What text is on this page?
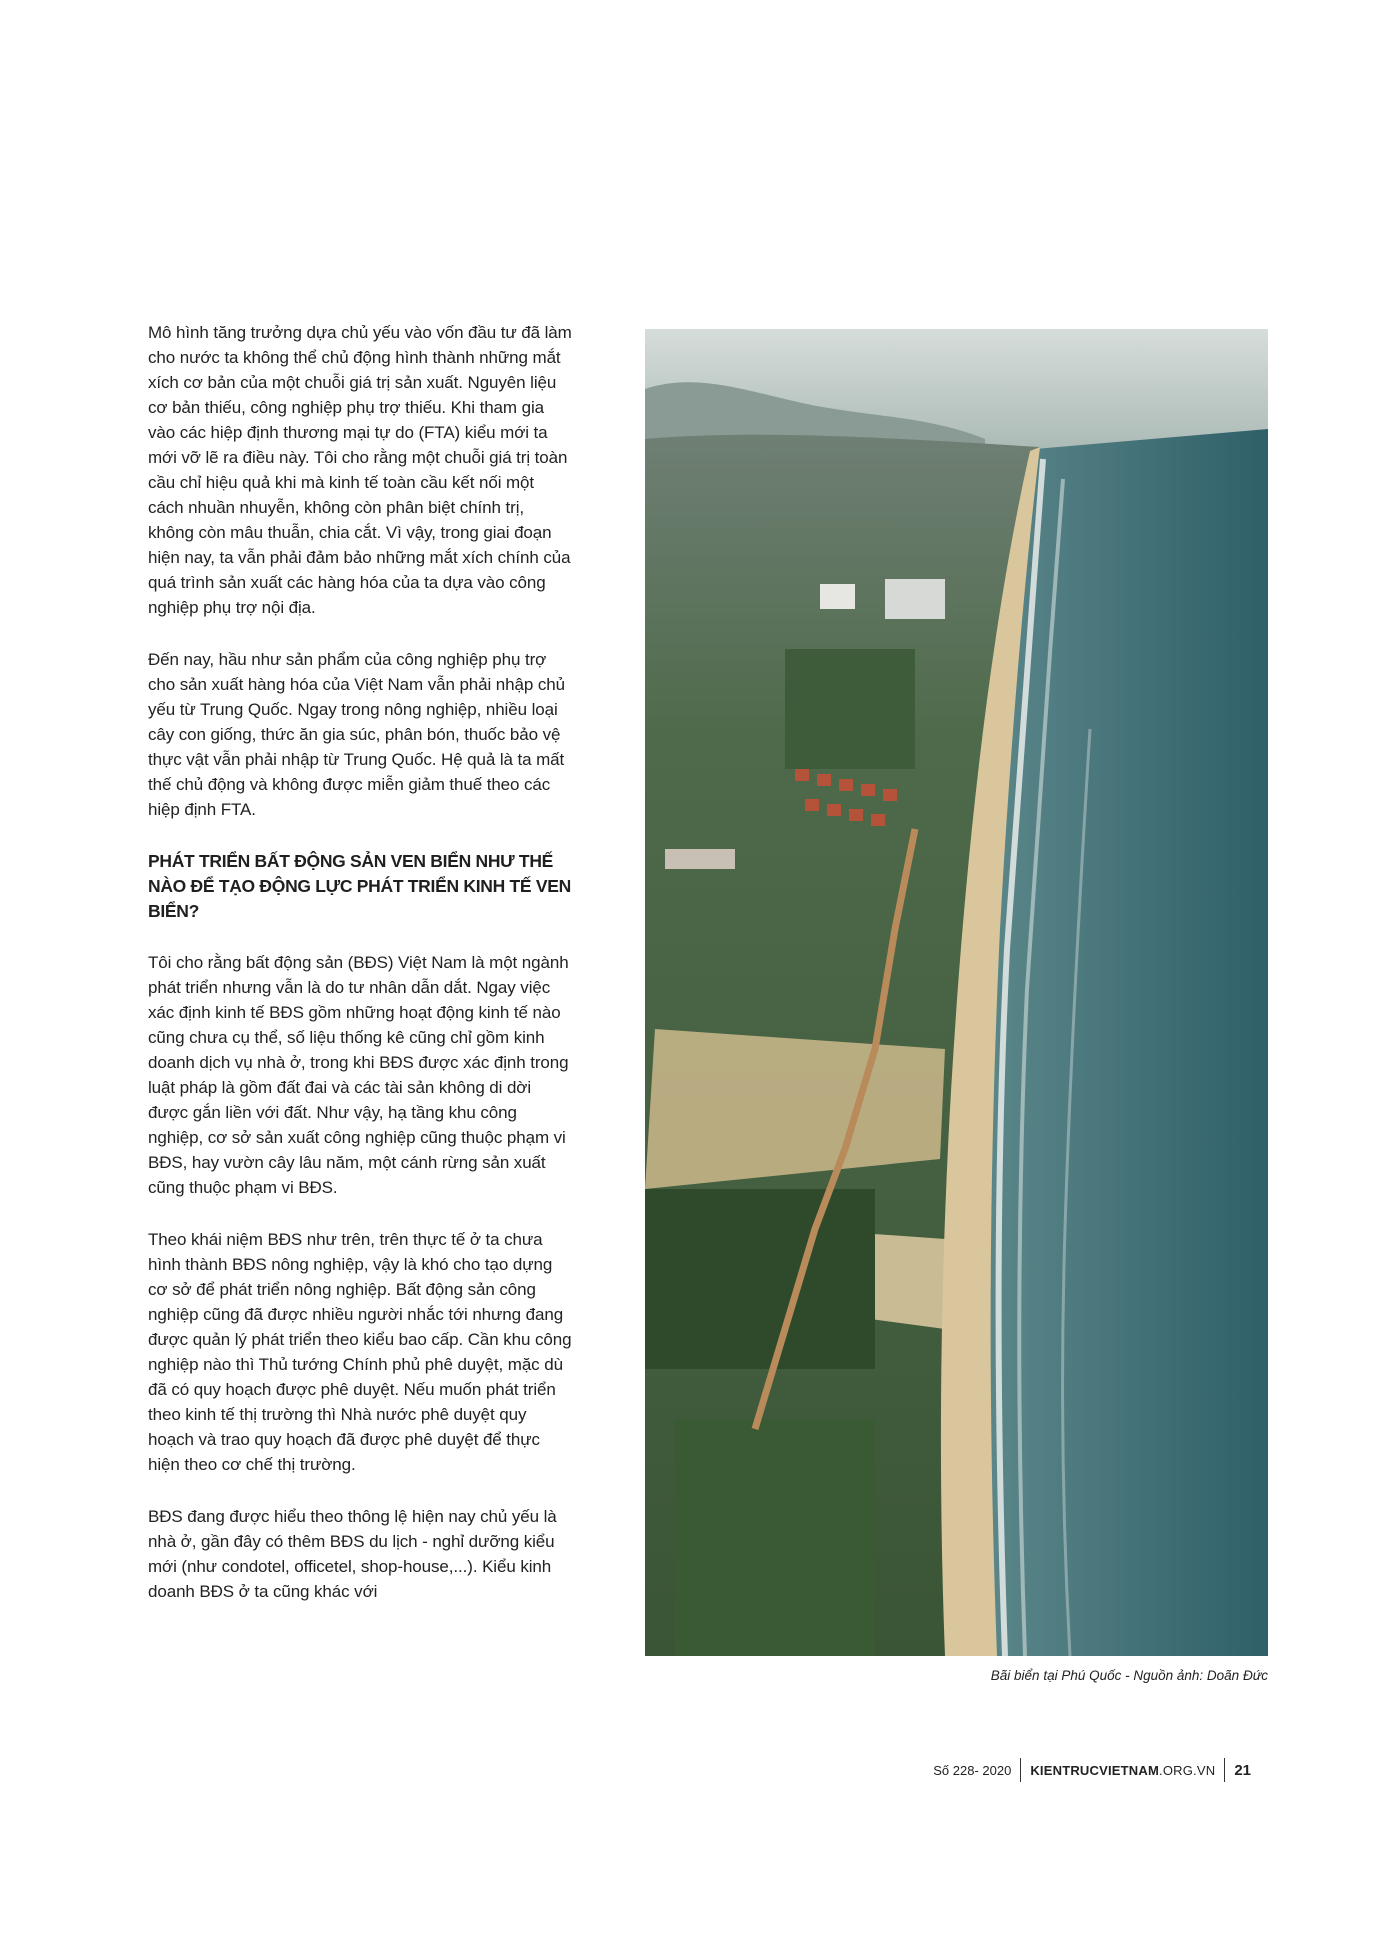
Mô hình tăng trưởng dựa chủ yếu vào vốn đầu tư đã làm cho nước ta không thể chủ động hình thành những mắt xích cơ bản của một chuỗi giá trị sản xuất. Nguyên liệu cơ bản thiếu, công nghiệp phụ trợ thiếu. Khi tham gia vào các hiệp định thương mại tự do (FTA) kiểu mới ta mới vỡ lẽ ra điều này. Tôi cho rằng một chuỗi giá trị toàn cầu chỉ hiệu quả khi mà kinh tế toàn cầu kết nối một cách nhuần nhuyễn, không còn phân biệt chính trị, không còn mâu thuẫn, chia cắt. Vì vậy, trong giai đoạn hiện nay, ta vẫn phải đảm bảo những mắt xích chính của quá trình sản xuất các hàng hóa của ta dựa vào công nghiệp phụ trợ nội địa.

Đến nay, hầu như sản phẩm của công nghiệp phụ trợ cho sản xuất hàng hóa của Việt Nam vẫn phải nhập chủ yếu từ Trung Quốc. Ngay trong nông nghiệp, nhiều loại cây con giống, thức ăn gia súc, phân bón, thuốc bảo vệ thực vật vẫn phải nhập từ Trung Quốc. Hệ quả là ta mất thế chủ động và không được miễn giảm thuế theo các hiệp định FTA.

PHÁT TRIỂN BẤT ĐỘNG SẢN VEN BIỂN NHƯ THẾ NÀO ĐỂ TẠO ĐỘNG LỰC PHÁT TRIỂN KINH TẾ VEN BIỂN?

Tôi cho rằng bất động sản (BĐS) Việt Nam là một ngành phát triển nhưng vẫn là do tư nhân dẫn dắt. Ngay việc xác định kinh tế BĐS gồm những hoạt động kinh tế nào cũng chưa cụ thể, số liệu thống kê cũng chỉ gồm kinh doanh dịch vụ nhà ở, trong khi BĐS được xác định trong luật pháp là gồm đất đai và các tài sản không di dời được gắn liền với đất. Như vậy, hạ tầng khu công nghiệp, cơ sở sản xuất công nghiệp cũng thuộc phạm vi BĐS, hay vườn cây lâu năm, một cánh rừng sản xuất cũng thuộc phạm vi BĐS.

Theo khái niệm BĐS như trên, trên thực tế ở ta chưa hình thành BĐS nông nghiệp, vậy là khó cho tạo dựng cơ sở để phát triển nông nghiệp. Bất động sản công nghiệp cũng đã được nhiều người nhắc tới nhưng đang được quản lý phát triển theo kiểu bao cấp. Cần khu công nghiệp nào thì Thủ tướng Chính phủ phê duyệt, mặc dù đã có quy hoạch được phê duyệt. Nếu muốn phát triển theo kinh tế thị trường thì Nhà nước phê duyệt quy hoạch và trao quy hoạch đã được phê duyệt để thực hiện theo cơ chế thị trường.

BĐS đang được hiểu theo thông lệ hiện nay chủ yếu là nhà ở, gần đây có thêm BĐS du lịch - nghỉ dưỡng kiểu mới (như condotel, officetel, shop-house,...). Kiểu kinh doanh BĐS ở ta cũng khác với

Bãi biển tại Phú Quốc - Nguồn ảnh: Doãn Đức
Số 228- 2020	KIENTRUCVIETNAM.ORG.VN	21
